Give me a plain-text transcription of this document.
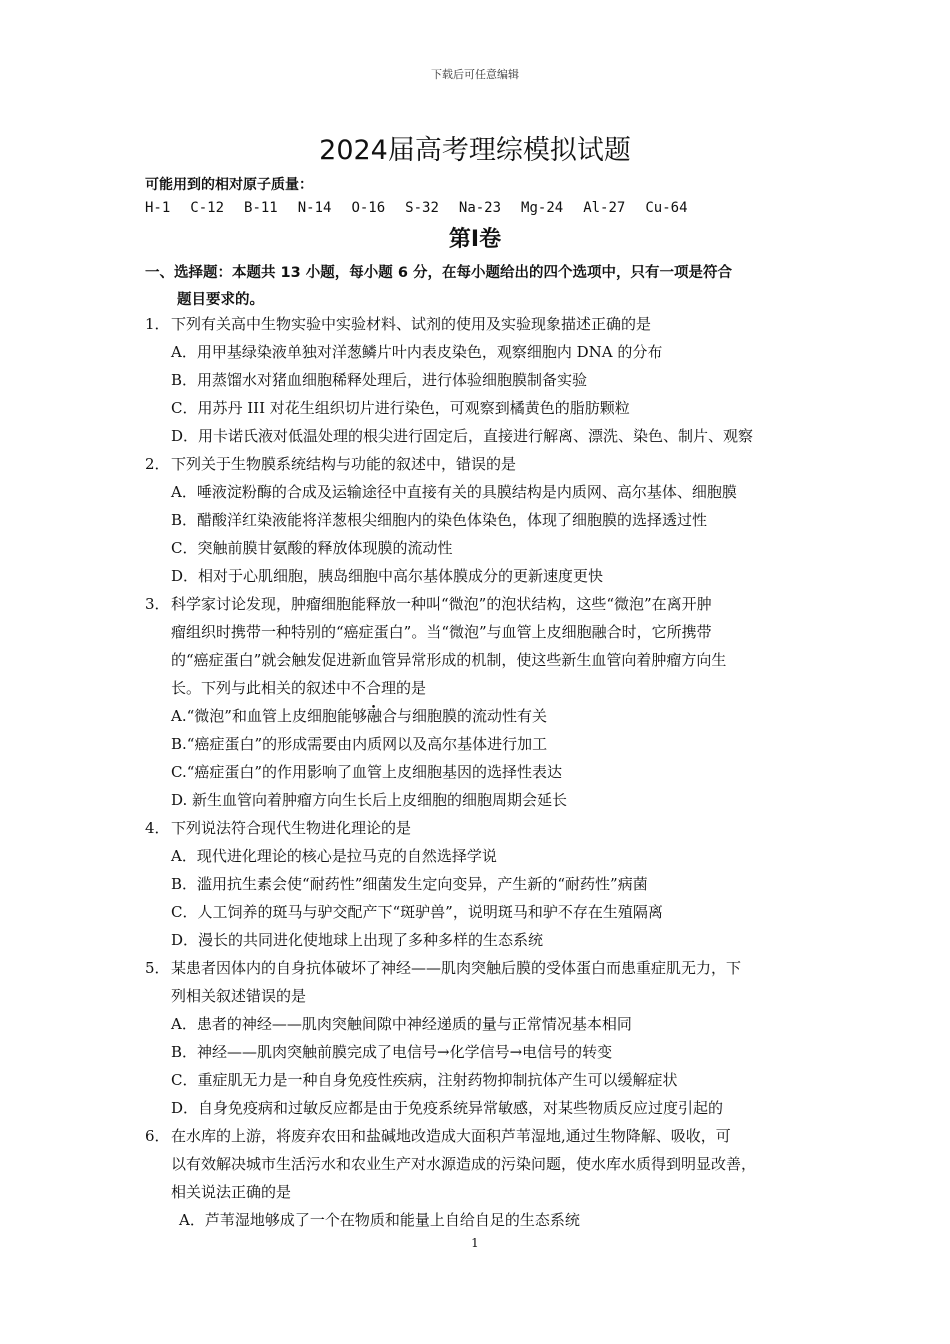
下载后可任意编辑
2024届高考理综模拟试题
可能用到的相对原子质量：
H-1 C-12 B-11 N-14 O-16 S-32 Na-23 Mg-24 Al-27 Cu-64
第Ⅰ卷
一、选择题：本题共 13 小题，每小题 6 分，在每小题给出的四个选项中，只有一项是符合
题目要求的。
1．下列有关高中生物实验中实验材料、试剂的使用及实验现象描述正确的是
A．用甲基绿染液单独对洋葱鳞片叶内表皮染色，观察细胞内 DNA 的分布
B．用蒸馏水对猪血细胞稀释处理后，进行体验细胞膜制备实验
C．用苏丹 III 对花生组织切片进行染色，可观察到橘黄色的脂肪颗粒
D．用卡诺氏液对低温处理的根尖进行固定后，直接进行解离、漂洗、染色、制片、观察
2．下列关于生物膜系统结构与功能的叙述中，错误的是
A．唾液淀粉酶的合成及运输途径中直接有关的具膜结构是内质网、高尔基体、细胞膜
B．醋酸洋红染液能将洋葱根尖细胞内的染色体染色，体现了细胞膜的选择透过性
C．突触前膜甘氨酸的释放体现膜的流动性
D．相对于心肌细胞，胰岛细胞中高尔基体膜成分的更新速度更快
3．科学家讨论发现，肿瘤细胞能释放一种叫“微泡”的泡状结构，这些“微泡”在离开肿
瘤组织时携带一种特别的“癌症蛋白”。当“微泡”与血管上皮细胞融合时，它所携带
的“癌症蛋白”就会触发促进新血管异常形成的机制，使这些新生血管向着肿瘤方向生
长。下列与此相关的叙述中不合理的是
A.“微泡”和血管上皮细胞能够融合与细胞膜的流动性有关
B.“癌症蛋白”的形成需要由内质网以及高尔基体进行加工
C.“癌症蛋白”的作用影响了血管上皮细胞基因的选择性表达
D. 新生血管向着肿瘤方向生长后上皮细胞的细胞周期会延长
4．下列说法符合现代生物进化理论的是
A．现代进化理论的核心是拉马克的自然选择学说
B．滥用抗生素会使“耐药性”细菌发生定向变异，产生新的“耐药性”病菌
C．人工饲养的斑马与驴交配产下“斑驴兽”，说明斑马和驴不存在生殖隔离
D．漫长的共同进化使地球上出现了多种多样的生态系统
5．某患者因体内的自身抗体破坏了神经——肌肉突触后膜的受体蛋白而患重症肌无力，下
列相关叙述错误的是
A．患者的神经——肌肉突触间隙中神经递质的量与正常情况基本相同
B．神经——肌肉突触前膜完成了电信号→化学信号→电信号的转变
C．重症肌无力是一种自身免疫性疾病，注射药物抑制抗体产生可以缓解症状
D．自身免疫病和过敏反应都是由于免疫系统异常敏感，对某些物质反应过度引起的
6．在水库的上游，将废弃农田和盐碱地改造成大面积芦苇湿地,通过生物降解、吸收，可
以有效解决城市生活污水和农业生产对水源造成的污染问题，使水库水质得到明显改善，
相关说法正确的是
A．芦苇湿地够成了一个在物质和能量上自给自足的生态系统
1
